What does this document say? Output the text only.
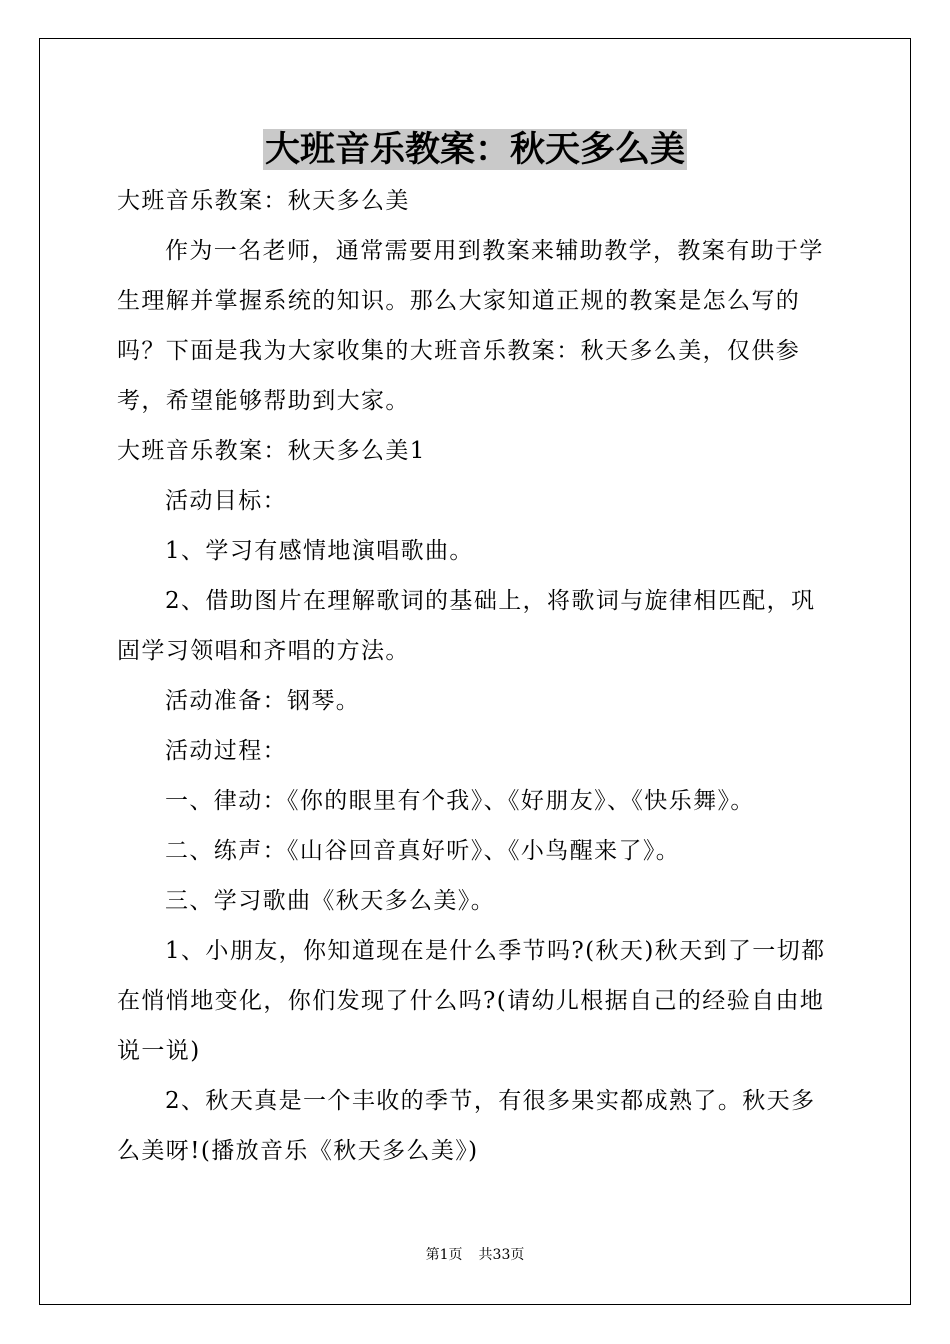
大班音乐教案：秋天多么美

大班音乐教案：秋天多么美

作为一名老师，通常需要用到教案来辅助教学，教案有助于学生理解并掌握系统的知识。那么大家知道正规的教案是怎么写的吗？下面是我为大家收集的大班音乐教案：秋天多么美，仅供参考，希望能够帮助到大家。

大班音乐教案：秋天多么美1

活动目标：

1、学习有感情地演唱歌曲。

2、借助图片在理解歌词的基础上，将歌词与旋律相匹配，巩固学习领唱和齐唱的方法。

活动准备：钢琴。

活动过程：

一、律动：《你的眼里有个我》、《好朋友》、《快乐舞》。

二、练声：《山谷回音真好听》、《小鸟醒来了》。

三、学习歌曲《秋天多么美》。

1、小朋友，你知道现在是什么季节吗?(秋天)秋天到了一切都在悄悄地变化，你们发现了什么吗?(请幼儿根据自己的经验自由地说一说)

2、秋天真是一个丰收的季节，有很多果实都成熟了。秋天多么美呀!(播放音乐《秋天多么美》)

第1页 共33页
